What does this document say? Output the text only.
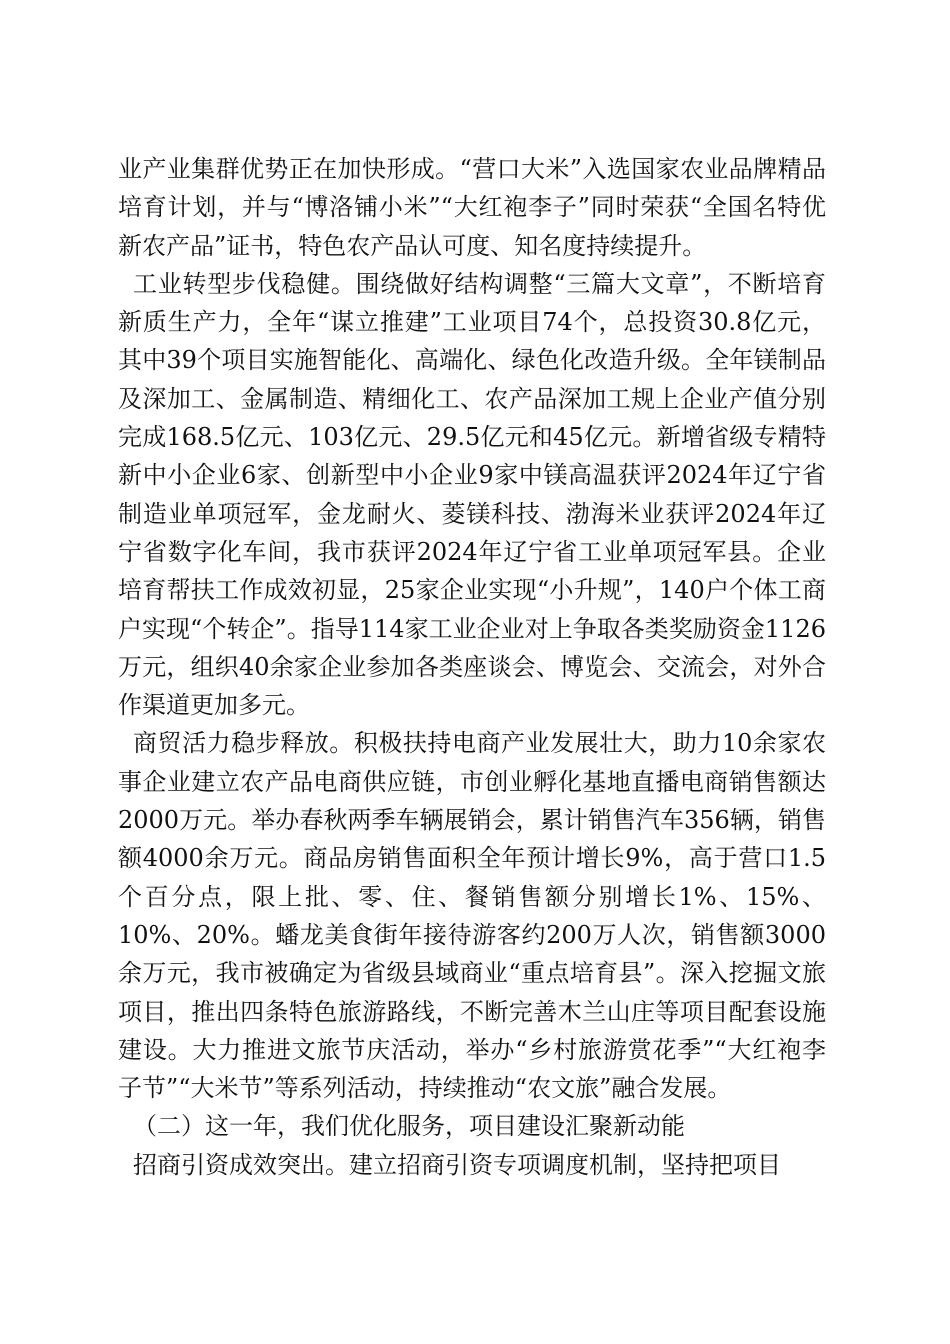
业产业集群优势正在加快形成。“营口大米”入选国家农业品牌精品培育计划，并与“博洛铺小米”“大红袍李子”同时荣获“全国名特优新农产品”证书，特色农产品认可度、知名度持续提升。

工业转型步伐稳健。围绕做好结构调整“三篇大文章”，不断培育新质生产力，全年“谋立推建”工业项目74个，总投资30.8亿元，其中39个项目实施智能化、高端化、绿色化改造升级。全年镁制品及深加工、金属制造、精细化工、农产品深加工规上企业产值分别完成168.5亿元、103亿元、29.5亿元和45亿元。新增省级专精特新中小企业6家、创新型中小企业9家中镁高温获评2024年辽宁省制造业单项冠军，金龙耐火、菱镁科技、渤海米业获评2024年辽宁省数字化车间，我市获评2024年辽宁省工业单项冠军县。企业培育帮扶工作成效初显，25家企业实现“小升规”，140户个体工商户实现“个转企”。指导114家工业企业对上争取各类奖励资金1126万元，组织40余家企业参加各类座谈会、博览会、交流会，对外合作渠道更加多元。

商贸活力稳步释放。积极扶持电商产业发展壮大，助力10余家农事企业建立农产品电商供应链，市创业孵化基地直播电商销售额达2000万元。举办春秋两季车辆展销会，累计销售汽车356辆，销售额4000余万元。商品房销售面积全年预计增长9%，高于营口1.5个百分点，限上批、零、住、餐销售额分别增长1%、15%、10%、20%。蟠龙美食街年接待游客约200万人次，销售额3000余万元，我市被确定为省级县域商业“重点培育县”。深入挖掘文旅项目，推出四条特色旅游路线，不断完善木兰山庄等项目配套设施建设。大力推进文旅节庆活动，举办“乡村旅游赏花季”“大红袍李子节”“大米节”等系列活动，持续推动“农文旅”融合发展。

（二）这一年，我们优化服务，项目建设汇聚新动能

招商引资成效突出。建立招商引资专项调度机制，坚持把项目
